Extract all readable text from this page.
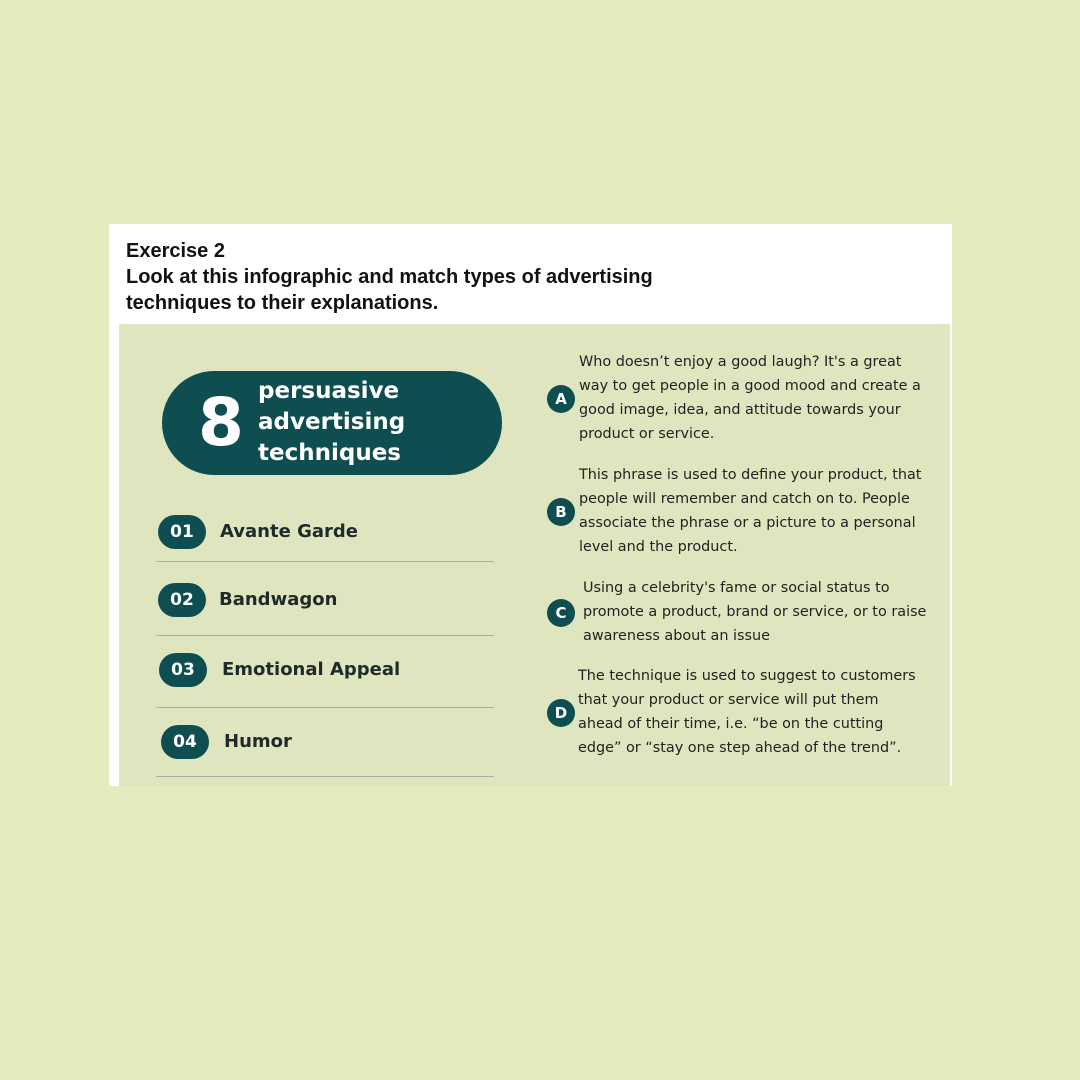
Exercise 2
Look at this infographic and match types of advertising
techniques to their explanations.
8 persuasive
advertising
techniques
01	Avante Garde
02	Bandwagon
03	Emotional Appeal
04	Humor
A
Who doesn’t enjoy a good laugh? It's a great
way to get people in a good mood and create a
good image, idea, and attitude towards your
product or service.
B
This phrase is used to define your product, that
people will remember and catch on to. People
associate the phrase or a picture to a personal
level and the product.
C
Using a celebrity's fame or social status to
promote a product, brand or service, or to raise
awareness about an issue
D
The technique is used to suggest to customers
that your product or service will put them
ahead of their time, i.e. “be on the cutting
edge” or “stay one step ahead of the trend”.
